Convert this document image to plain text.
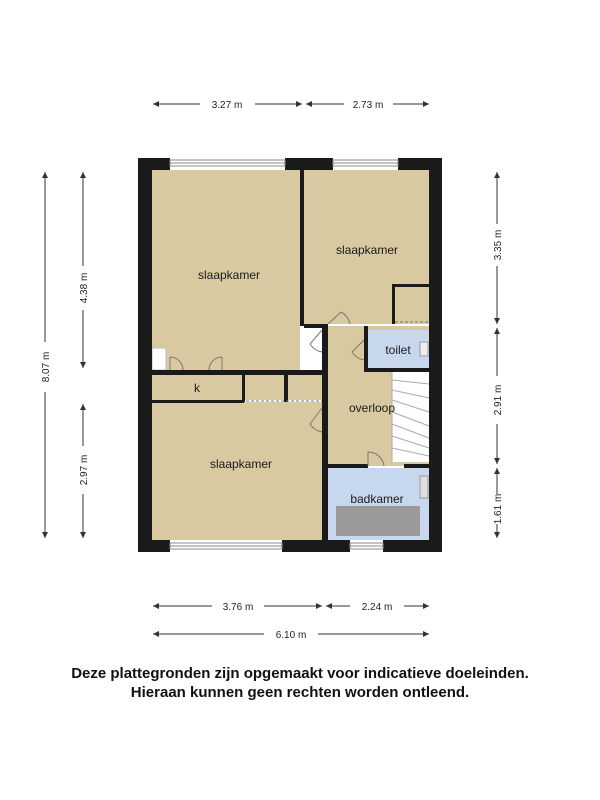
slaapkamer
slaapkamer
k
toilet
overloop
slaapkamer
badkamer
3.27 m	2.73 m
3.76 m	2.24 m
6.10 m
8.07 m
4.38 m
2.97 m
3.35 m
2.91 m
1.61 m
Deze plattegronden zijn opgemaakt voor indicatieve doeleinden.
Hieraan kunnen geen rechten worden ontleend.
